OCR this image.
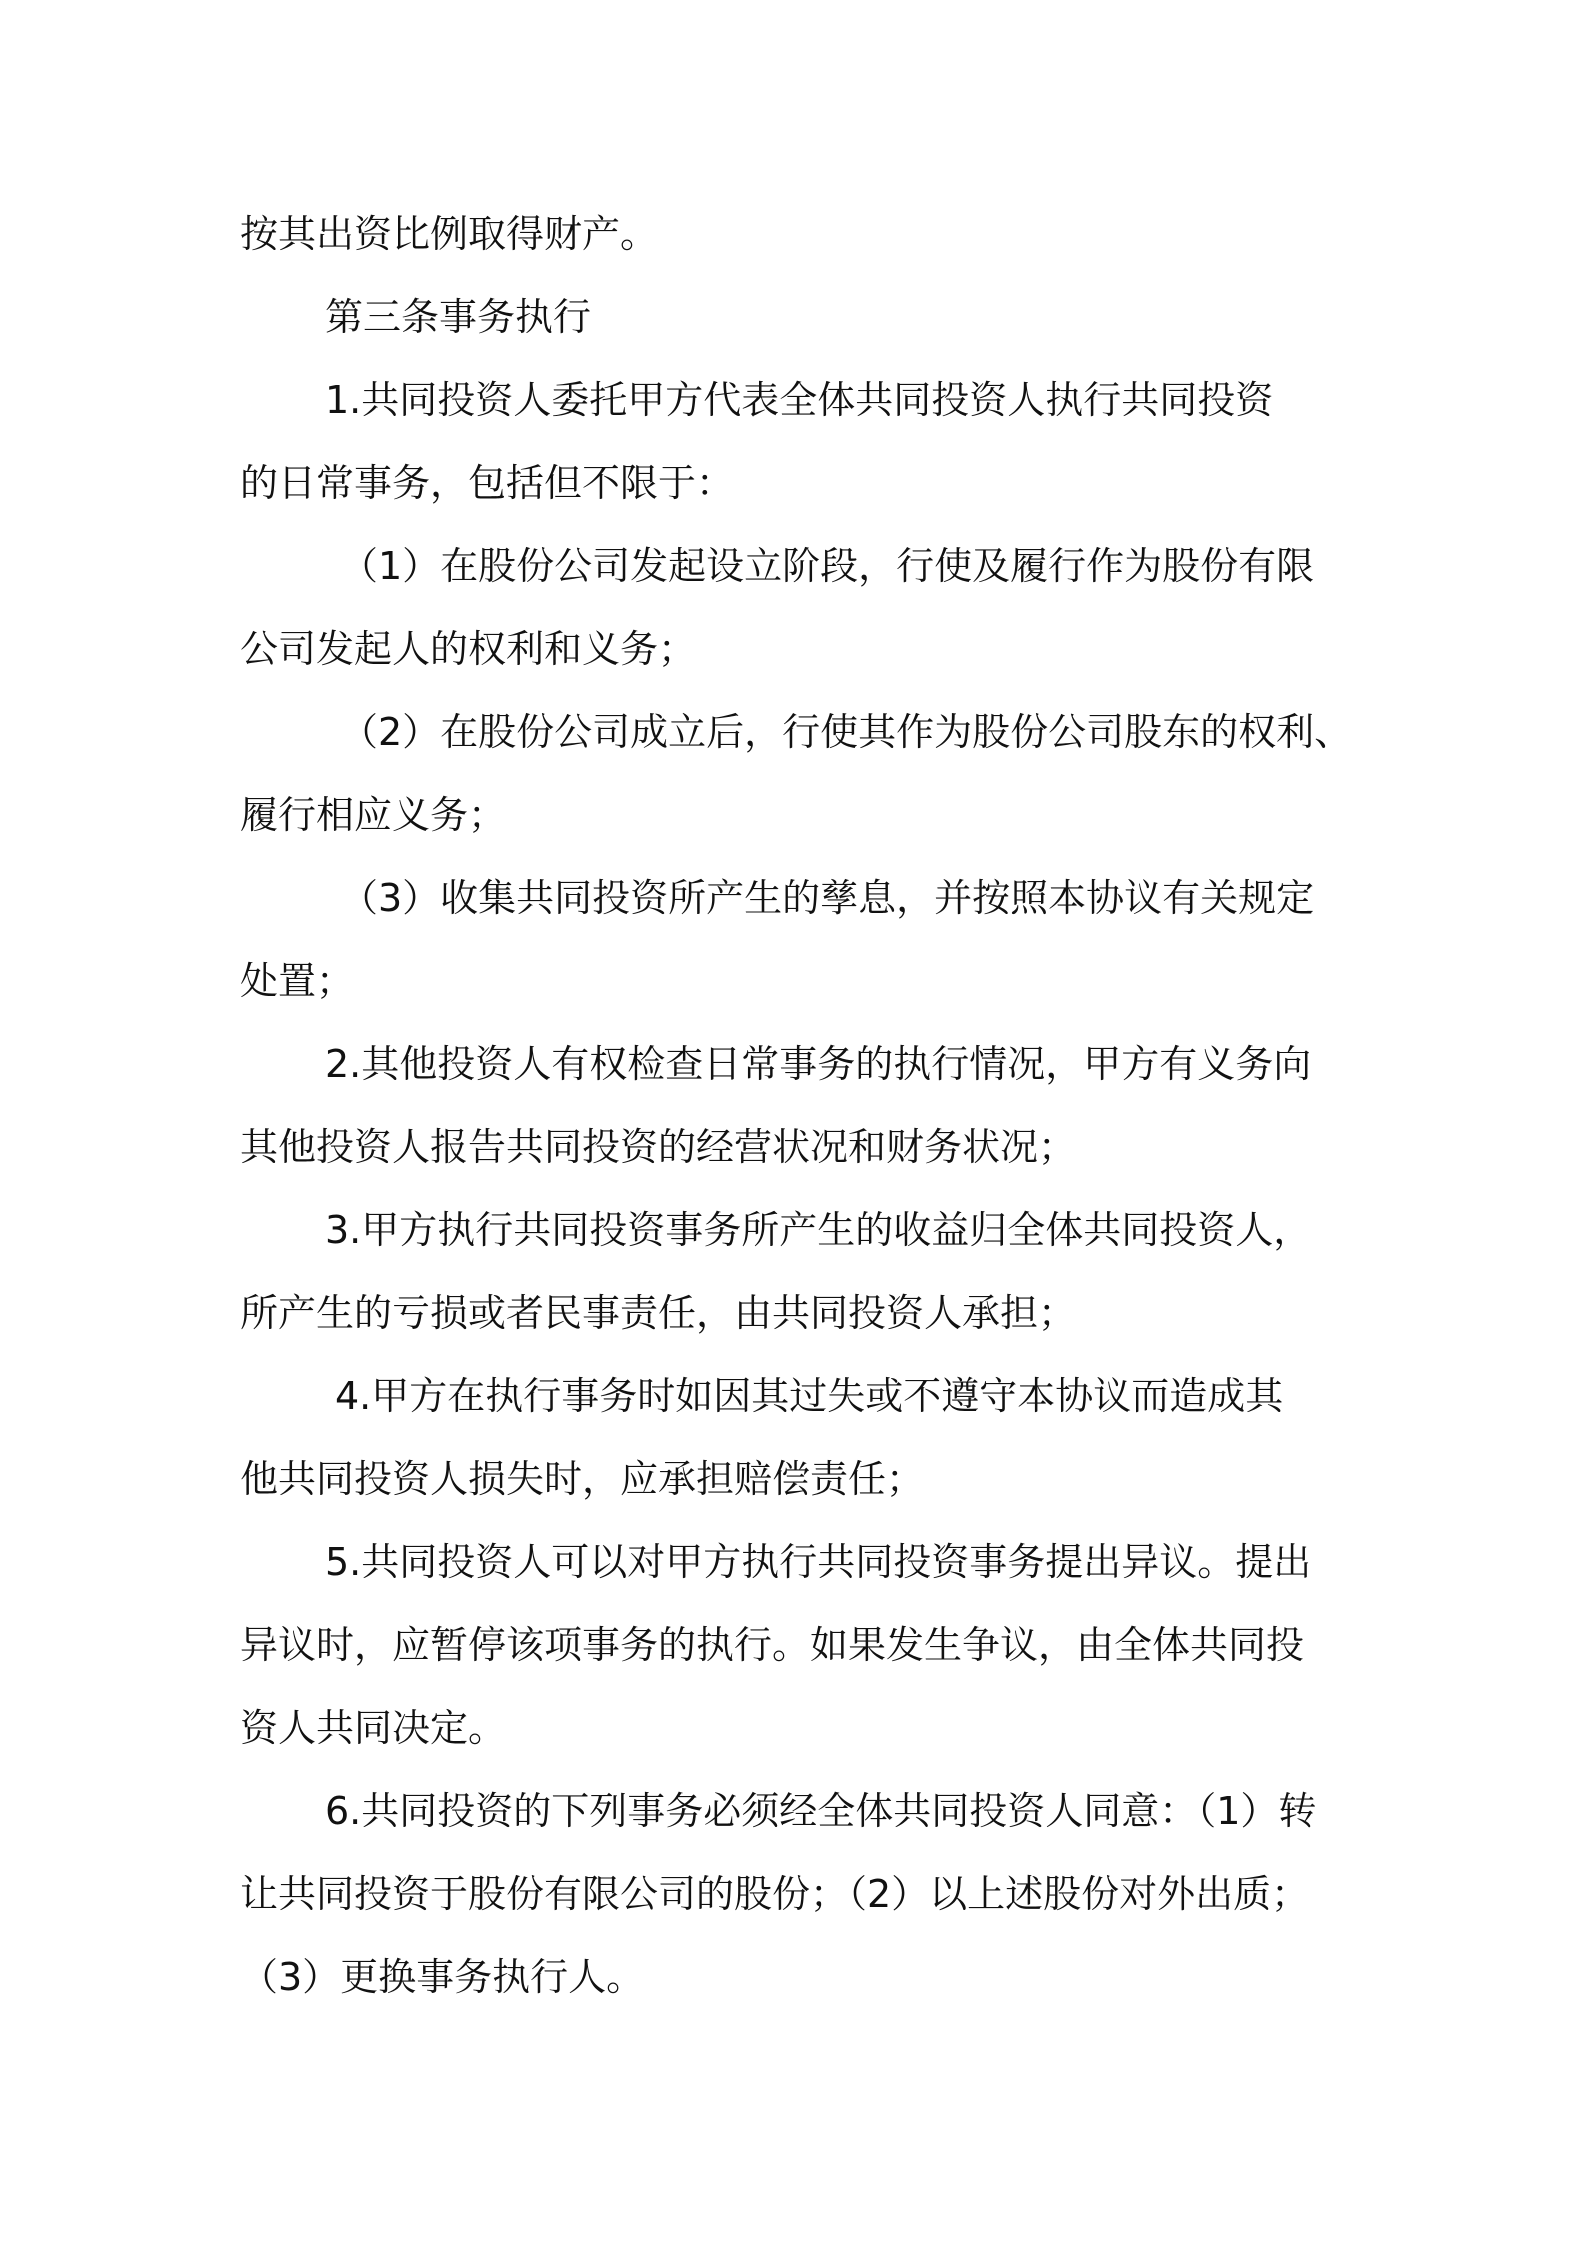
按其出资比例取得财产。

第三条事务执行

1.共同投资人委托甲方代表全体共同投资人执行共同投资

的日常事务，包括但不限于：

（1）在股份公司发起设立阶段，行使及履行作为股份有限

公司发起人的权利和义务；

（2）在股份公司成立后，行使其作为股份公司股东的权利、

履行相应义务；

（3）收集共同投资所产生的孳息，并按照本协议有关规定

处置；

2.其他投资人有权检查日常事务的执行情况，甲方有义务向

其他投资人报告共同投资的经营状况和财务状况；

3.甲方执行共同投资事务所产生的收益归全体共同投资人，

所产生的亏损或者民事责任，由共同投资人承担；

4.甲方在执行事务时如因其过失或不遵守本协议而造成其

他共同投资人损失时，应承担赔偿责任；

5.共同投资人可以对甲方执行共同投资事务提出异议。提出

异议时，应暂停该项事务的执行。如果发生争议，由全体共同投

资人共同决定。

6.共同投资的下列事务必须经全体共同投资人同意：（1）转

让共同投资于股份有限公司的股份；（2）以上述股份对外出质；

（3）更换事务执行人。
